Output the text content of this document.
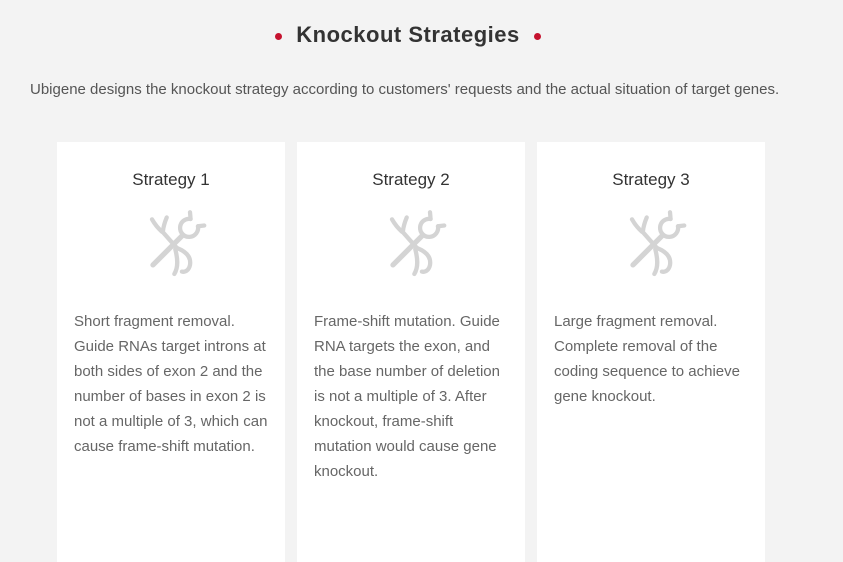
Knockout Strategies

Ubigene designs the knockout strategy according to customers' requests and the actual situation of target genes.

Strategy 1

Short fragment removal. Guide RNAs target introns at both sides of exon 2 and the number of bases in exon 2 is not a multiple of 3, which can cause frame-shift mutation.

Strategy 2

Frame-shift mutation. Guide RNA targets the exon, and the base number of deletion is not a multiple of 3. After knockout, frame-shift mutation would cause gene knockout.

Strategy 3

Large fragment removal. Complete removal of the coding sequence to achieve gene knockout.
